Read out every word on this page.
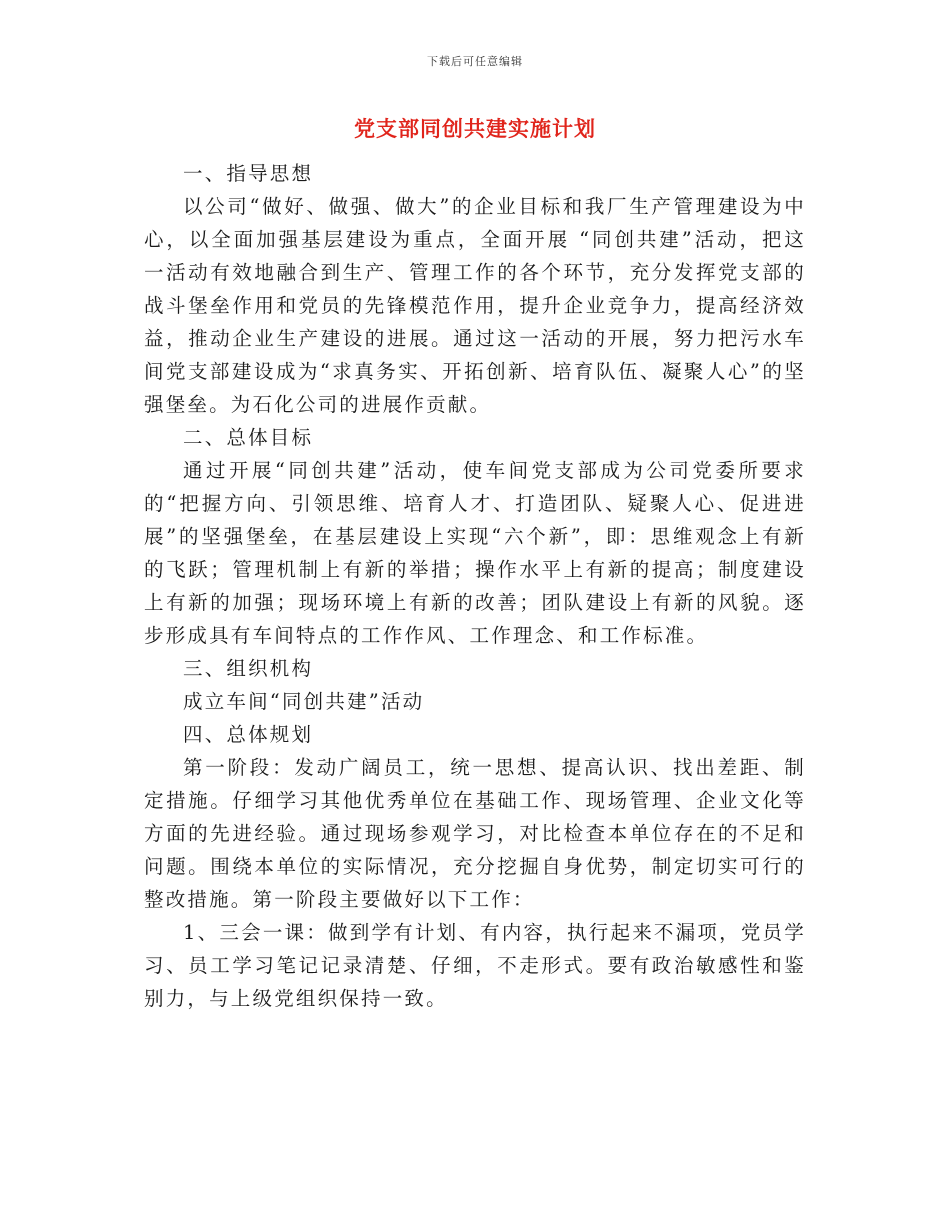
下载后可任意编辑
党支部同创共建实施计划

一、指导思想

以公司“做好、做强、做大”的企业目标和我厂生产管理建设为中心，以全面加强基层建设为重点，全面开展 “同创共建”活动，把这一活动有效地融合到生产、管理工作的各个环节，充分发挥党支部的战斗堡垒作用和党员的先锋模范作用，提升企业竞争力，提高经济效益，推动企业生产建设的进展。通过这一活动的开展，努力把污水车间党支部建设成为“求真务实、开拓创新、培育队伍、凝聚人心”的坚强堡垒。为石化公司的进展作贡献。

二、总体目标

通过开展“同创共建”活动，使车间党支部成为公司党委所要求的“把握方向、引领思维、培育人才、打造团队、疑聚人心、促进进展”的坚强堡垒，在基层建设上实现“六个新”，即：思维观念上有新的飞跃；管理机制上有新的举措；操作水平上有新的提高；制度建设上有新的加强；现场环境上有新的改善；团队建设上有新的风貌。逐步形成具有车间特点的工作作风、工作理念、和工作标准。

三、组织机构

成立车间“同创共建”活动

四、总体规划

第一阶段：发动广阔员工，统一思想、提高认识、找出差距、制定措施。仔细学习其他优秀单位在基础工作、现场管理、企业文化等方面的先进经验。通过现场参观学习，对比检查本单位存在的不足和问题。围绕本单位的实际情况，充分挖掘自身优势，制定切实可行的整改措施。第一阶段主要做好以下工作：

1、三会一课：做到学有计划、有内容，执行起来不漏项，党员学习、员工学习笔记记录清楚、仔细，不走形式。要有政治敏感性和鉴别力，与上级党组织保持一致。
